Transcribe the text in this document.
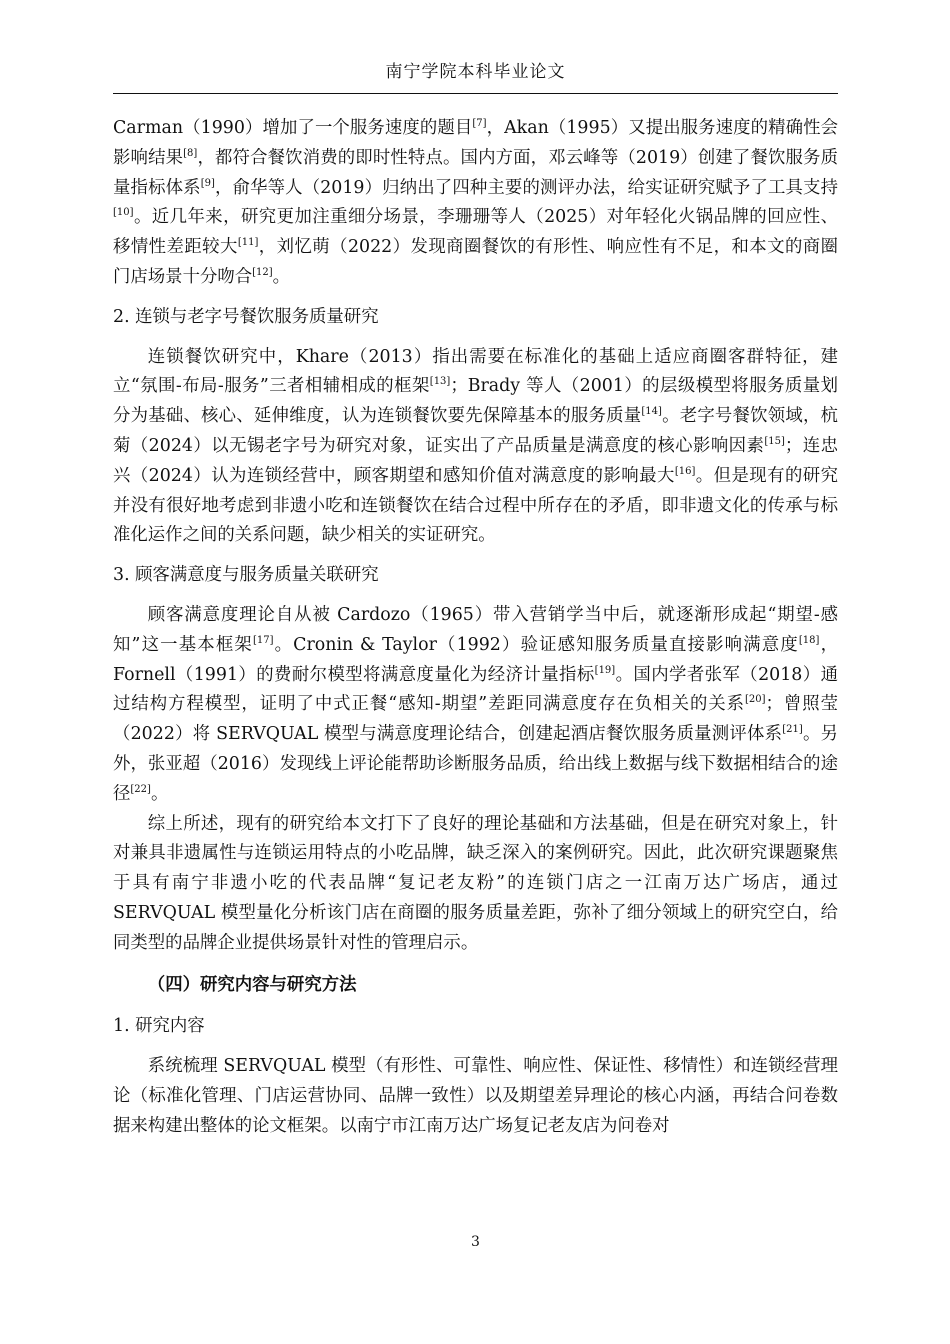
南宁学院本科毕业论文

Carman（1990）增加了一个服务速度的题目[7]，Akan（1995）又提出服务速度的精确性会影响结果[8]，都符合餐饮消费的即时性特点。国内方面，邓云峰等（2019）创建了餐饮服务质量指标体系[9]，俞华等人（2019）归纳出了四种主要的测评办法，给实证研究赋予了工具支持[10]。近几年来，研究更加注重细分场景，李珊珊等人（2025）对年轻化火锅品牌的回应性、移情性差距较大[11]，刘忆萌（2022）发现商圈餐饮的有形性、响应性有不足，和本文的商圈门店场景十分吻合[12]。

2. 连锁与老字号餐饮服务质量研究

连锁餐饮研究中，Khare（2013）指出需要在标准化的基础上适应商圈客群特征，建立“氛围-布局-服务”三者相辅相成的框架[13]；Brady 等人（2001）的层级模型将服务质量划分为基础、核心、延伸维度，认为连锁餐饮要先保障基本的服务质量[14]。老字号餐饮领域，杭菊（2024）以无锡老字号为研究对象，证实出了产品质量是满意度的核心影响因素[15]；连忠兴（2024）认为连锁经营中，顾客期望和感知价值对满意度的影响最大[16]。但是现有的研究并没有很好地考虑到非遗小吃和连锁餐饮在结合过程中所存在的矛盾，即非遗文化的传承与标准化运作之间的关系问题，缺少相关的实证研究。

3. 顾客满意度与服务质量关联研究

顾客满意度理论自从被 Cardozo（1965）带入营销学当中后，就逐渐形成起“期望-感知”这一基本框架[17]。Cronin & Taylor（1992）验证感知服务质量直接影响满意度[18]，Fornell（1991）的费耐尔模型将满意度量化为经济计量指标[19]。国内学者张军（2018）通过结构方程模型，证明了中式正餐“感知-期望”差距同满意度存在负相关的关系[20]；曾照莹（2022）将 SERVQUAL 模型与满意度理论结合，创建起酒店餐饮服务质量测评体系[21]。另外，张亚超（2016）发现线上评论能帮助诊断服务品质，给出线上数据与线下数据相结合的途径[22]。

综上所述，现有的研究给本文打下了良好的理论基础和方法基础，但是在研究对象上，针对兼具非遗属性与连锁运用特点的小吃品牌，缺乏深入的案例研究。因此，此次研究课题聚焦于具有南宁非遗小吃的代表品牌“复记老友粉”的连锁门店之一江南万达广场店，通过 SERVQUAL 模型量化分析该门店在商圈的服务质量差距，弥补了细分领域上的研究空白，给同类型的品牌企业提供场景针对性的管理启示。

（四）研究内容与研究方法

1. 研究内容

系统梳理 SERVQUAL 模型（有形性、可靠性、响应性、保证性、移情性）和连锁经营理论（标准化管理、门店运营协同、品牌一致性）以及期望差异理论的核心内涵，再结合问卷数据来构建出整体的论文框架。以南宁市江南万达广场复记老友店为问卷对

3
